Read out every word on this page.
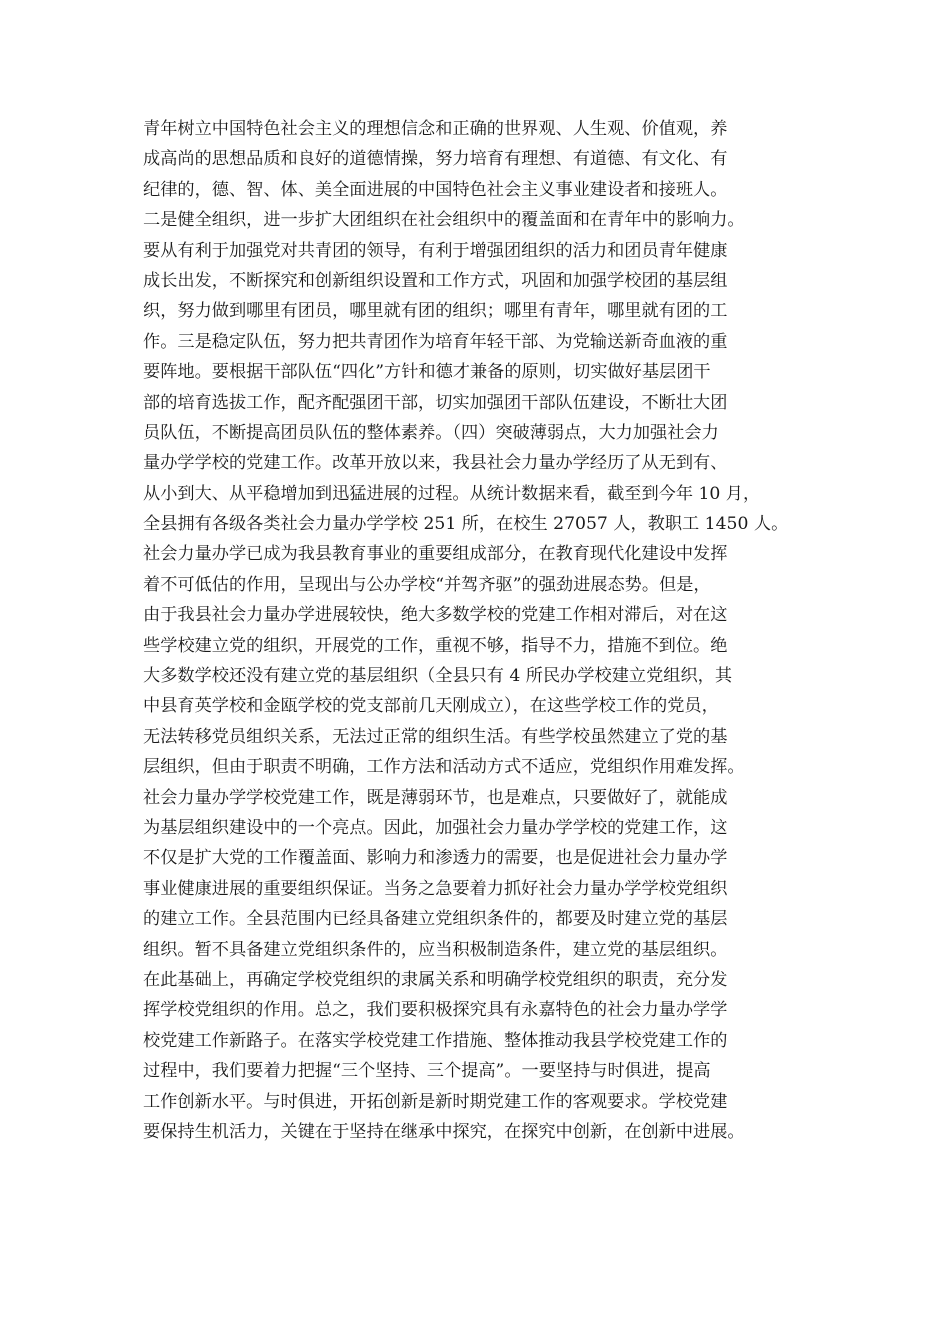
青年树立中国特色社会主义的理想信念和正确的世界观、人生观、价值观，养
成高尚的思想品质和良好的道德情操，努力培育有理想、有道德、有文化、有
纪律的，德、智、体、美全面进展的中国特色社会主义事业建设者和接班人。
二是健全组织，进一步扩大团组织在社会组织中的覆盖面和在青年中的影响力。
要从有利于加强党对共青团的领导，有利于增强团组织的活力和团员青年健康
成长出发，不断探究和创新组织设置和工作方式，巩固和加强学校团的基层组
织，努力做到哪里有团员，哪里就有团的组织；哪里有青年，哪里就有团的工
作。三是稳定队伍，努力把共青团作为培育年轻干部、为党输送新奇血液的重
要阵地。要根据干部队伍“四化”方针和德才兼备的原则，切实做好基层团干
部的培育选拔工作，配齐配强团干部，切实加强团干部队伍建设，不断壮大团
员队伍，不断提高团员队伍的整体素养。（四）突破薄弱点，大力加强社会力
量办学学校的党建工作。改革开放以来，我县社会力量办学经历了从无到有、
从小到大、从平稳增加到迅猛进展的过程。从统计数据来看，截至到今年 10 月，
全县拥有各级各类社会力量办学学校 251 所，在校生 27057 人，教职工 1450 人。
社会力量办学已成为我县教育事业的重要组成部分，在教育现代化建设中发挥
着不可低估的作用，呈现出与公办学校“并驾齐驱”的强劲进展态势。但是，
由于我县社会力量办学进展较快，绝大多数学校的党建工作相对滞后，对在这
些学校建立党的组织，开展党的工作，重视不够，指导不力，措施不到位。绝
大多数学校还没有建立党的基层组织（全县只有 4 所民办学校建立党组织，其
中县育英学校和金瓯学校的党支部前几天刚成立），在这些学校工作的党员，
无法转移党员组织关系，无法过正常的组织生活。有些学校虽然建立了党的基
层组织，但由于职责不明确，工作方法和活动方式不适应，党组织作用难发挥。
社会力量办学学校党建工作，既是薄弱环节，也是难点，只要做好了，就能成
为基层组织建设中的一个亮点。因此，加强社会力量办学学校的党建工作，这
不仅是扩大党的工作覆盖面、影响力和渗透力的需要，也是促进社会力量办学
事业健康进展的重要组织保证。当务之急要着力抓好社会力量办学学校党组织
的建立工作。全县范围内已经具备建立党组织条件的，都要及时建立党的基层
组织。暂不具备建立党组织条件的，应当积极制造条件，建立党的基层组织。
在此基础上，再确定学校党组织的隶属关系和明确学校党组织的职责，充分发
挥学校党组织的作用。总之，我们要积极探究具有永嘉特色的社会力量办学学
校党建工作新路子。在落实学校党建工作措施、整体推动我县学校党建工作的
过程中，我们要着力把握“三个坚持、三个提高”。一要坚持与时俱进，提高
工作创新水平。与时俱进，开拓创新是新时期党建工作的客观要求。学校党建
要保持生机活力，关键在于坚持在继承中探究，在探究中创新，在创新中进展。
